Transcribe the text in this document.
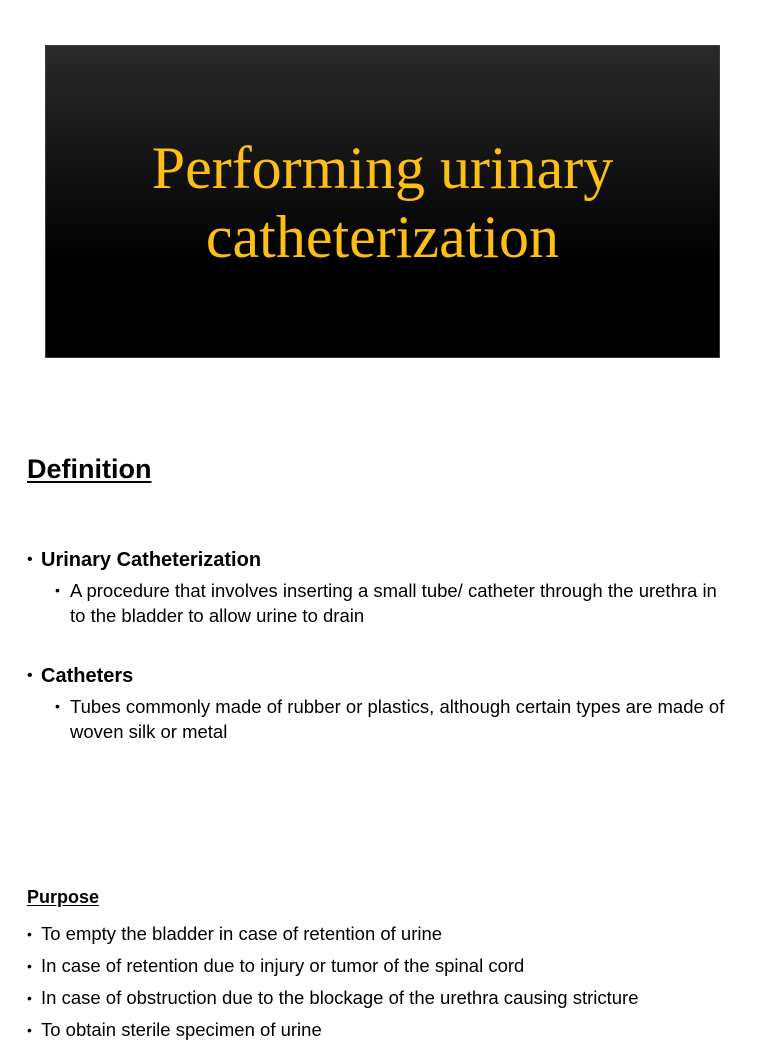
Performing urinary
catheterization
Definition
• Urinary Catheterization
• A procedure that involves inserting a small tube/ catheter through the urethra in to the bladder to allow urine to drain
• Catheters
• Tubes commonly made of rubber or plastics, although certain types are made of woven silk or metal
Purpose
• To empty the bladder in case of retention of urine
• In case of retention due to injury or tumor of the spinal cord
• In case of obstruction due to the blockage of the urethra causing stricture
• To obtain sterile specimen of urine
